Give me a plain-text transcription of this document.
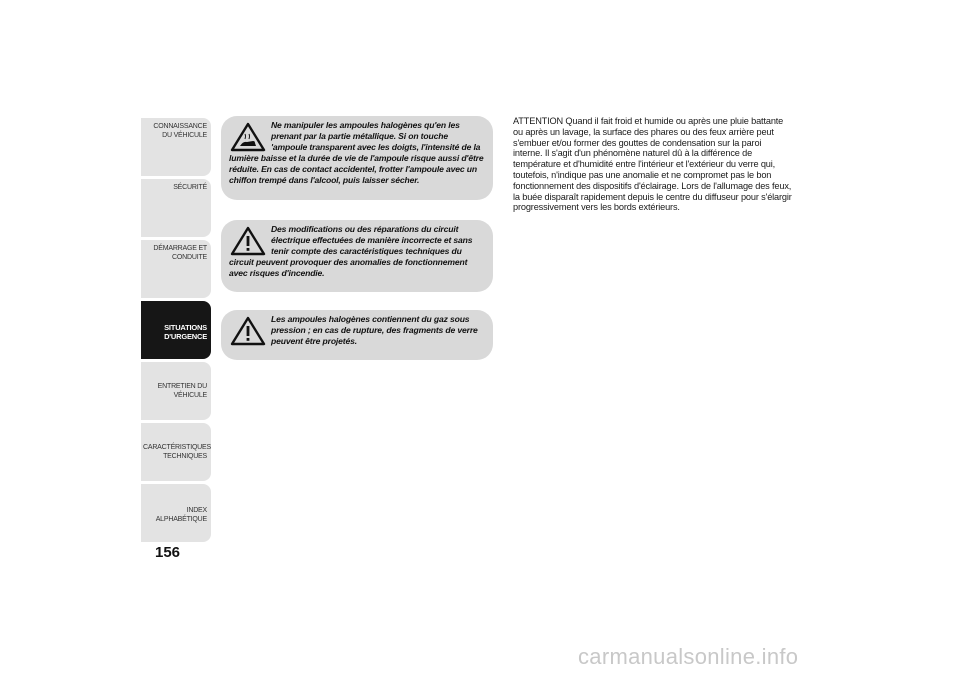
CONNAISSANCE DU VÉHICULE
SÉCURITÉ
DÉMARRAGE ET CONDUITE
SITUATIONS D'URGENCE
ENTRETIEN DU VÉHICULE
CARACTÉRISTIQUES TECHNIQUES
INDEX ALPHABÉTIQUE
156

Ne manipuler les ampoules halogènes qu'en les prenant par la partie métallique. Si on touche 'ampoule transparent avec les doigts, l'intensité de la lumière baisse et la durée de vie de l'ampoule risque aussi d'être réduite. En cas de contact accidentel, frotter l'ampoule avec un chiffon trempé dans l'alcool, puis laisser sécher.

Des modifications ou des réparations du circuit électrique effectuées de manière incorrecte et sans tenir compte des caractéristiques techniques du circuit peuvent provoquer des anomalies de fonctionnement avec risques d'incendie.

Les ampoules halogènes contiennent du gaz sous pression ; en cas de rupture, des fragments de verre peuvent être projetés.

ATTENTION Quand il fait froid et humide ou après une pluie battante ou après un lavage, la surface des phares ou des feux arrière peut s'embuer et/ou former des gouttes de condensation sur la paroi interne. Il s'agit d'un phénomène naturel dû à la différence de température et d'humidité entre l'intérieur et l'extérieur du verre qui, toutefois, n'indique pas une anomalie et ne compromet pas le bon fonctionnement des dispositifs d'éclairage. Lors de l'allumage des feux, la buée disparaît rapidement depuis le centre du diffuseur pour s'élargir progressivement vers les bords extérieurs.

carmanualsonline.info
